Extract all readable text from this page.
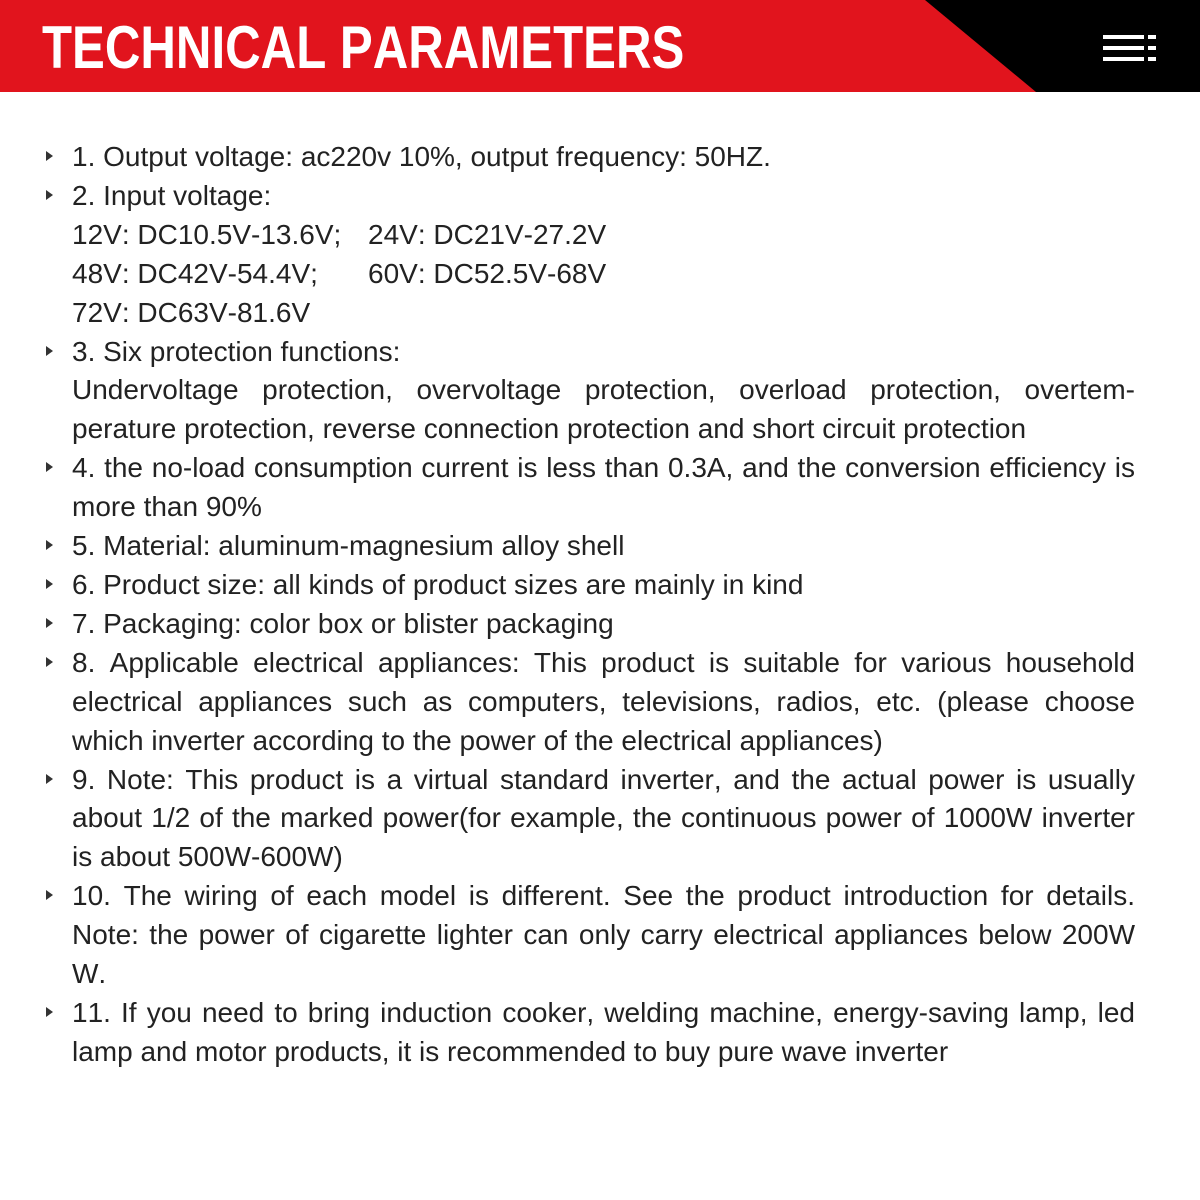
TECHNICAL PARAMETERS
1. Output voltage: ac220v 10%, output frequency: 50HZ.
2. Input voltage:
12V: DC10.5V-13.6V; 24V: DC21V-27.2V
48V: DC42V-54.4V;	60V: DC52.5V-68V
72V: DC63V-81.6V
3. Six protection functions:
Undervoltage protection, overvoltage protection, overload protection, overtem-perature protection, reverse connection protection and short circuit protection
4. the no-load consumption current is less than 0.3A, and the conversion efficiency is more than 90%
5. Material: aluminum-magnesium alloy shell
6. Product size: all kinds of product sizes are mainly in kind
7. Packaging: color box or blister packaging
8. Applicable electrical appliances: This product is suitable for various household electrical appliances such as computers, televisions, radios, etc. (please choose which inverter according to the power of the electrical appliances)
9. Note: This product is a virtual standard inverter, and the actual power is usually about 1/2 of the marked power(for example, the continuous power of 1000W inverter is about 500W-600W)
10. The wiring of each model is different. See the product introduction for details. Note: the power of cigarette lighter can only carry electrical appliances below 200W W.
11. If you need to bring induction cooker, welding machine, energy-saving lamp, led lamp and motor products, it is recommended to buy pure wave inverter
